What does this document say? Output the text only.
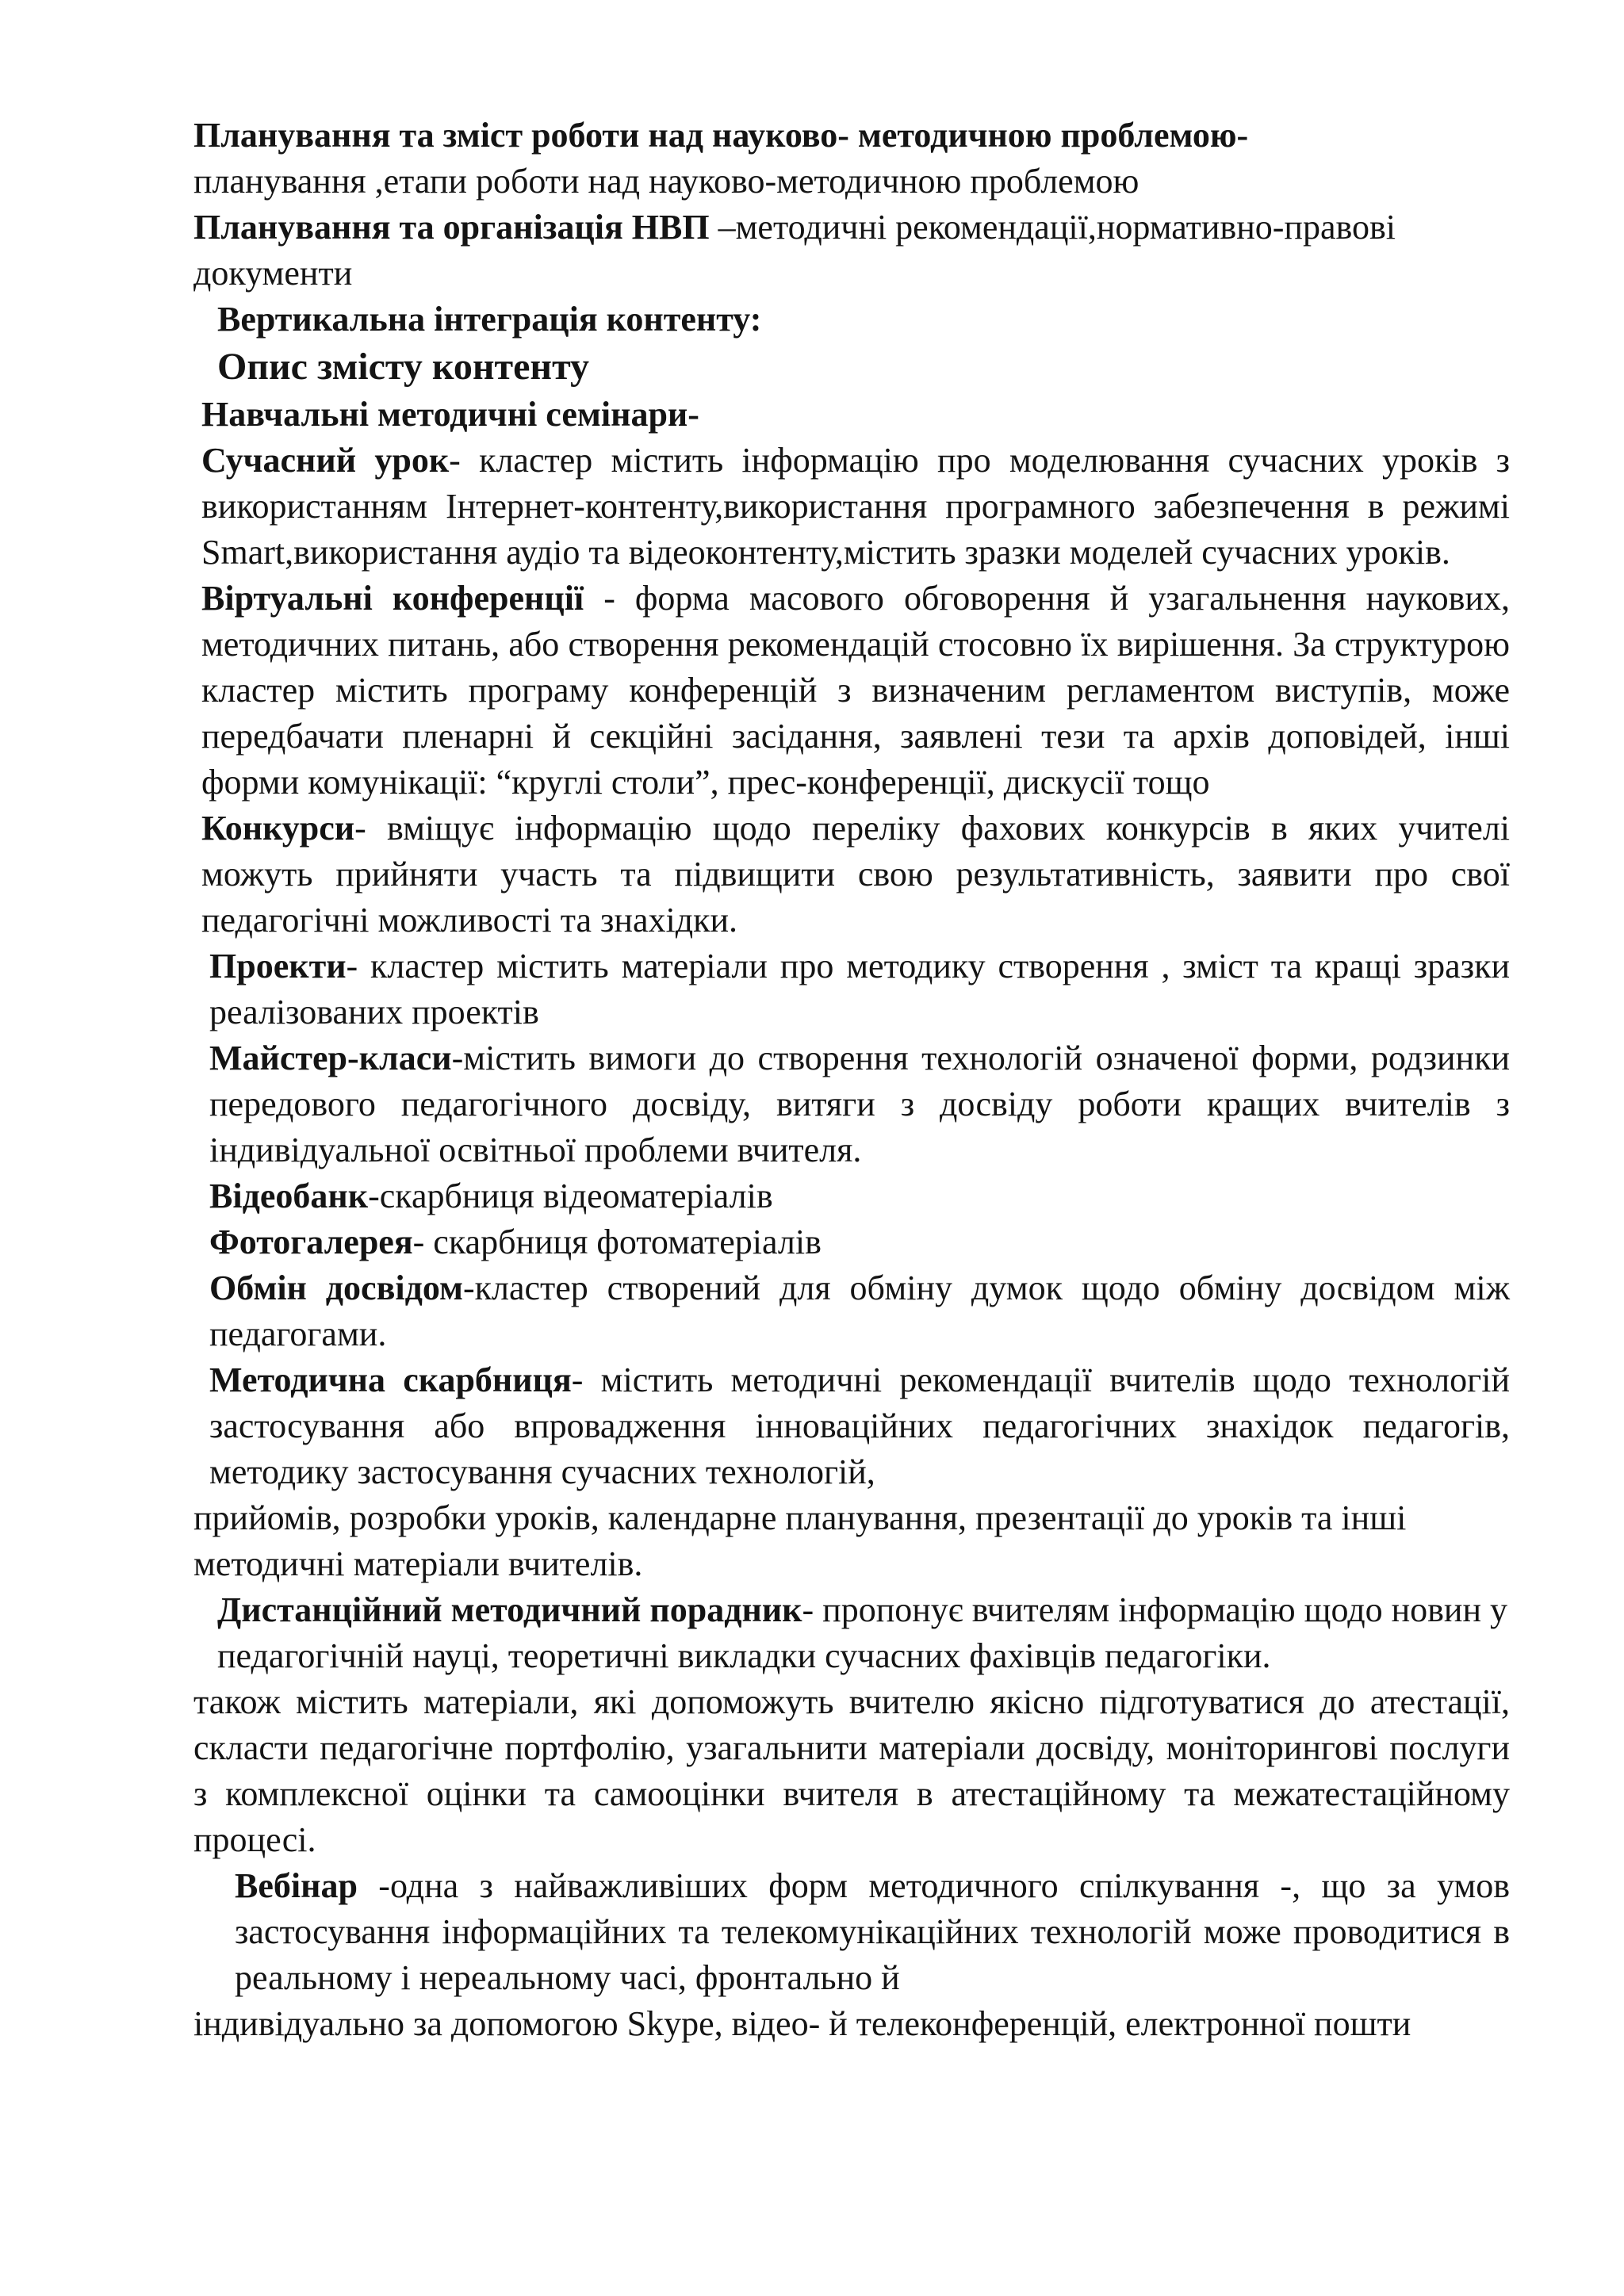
Планування та зміст роботи над науково- методичною проблемою-

планування ,етапи роботи над науково-методичною проблемою

Планування та організація НВП –методичні рекомендації,нормативно-правові документи

Вертикальна інтеграція контенту:

Опис змісту контенту

Навчальні методичні семінари-

Сучасний урок- кластер містить інформацію про моделювання сучасних уроків з використанням Інтернет-контенту,використання програмного забезпечення в режимі Smart,використання аудіо та відеоконтенту,містить зразки моделей сучасних уроків.

Віртуальні конференції - форма масового обговорення й узагальнення наукових, методичних питань, або створення рекомендацій стосовно їх вирішення. За структурою кластер містить програму конференцій з визначеним регламентом виступів, може передбачати пленарні й секційні засідання, заявлені тези та архів доповідей, інші форми комунікації: “круглі столи”, прес-конференції, дискусії тощо

Конкурси- вміщує інформацію щодо переліку фахових конкурсів в яких учителі можуть прийняти участь та підвищити свою результативність, заявити про свої педагогічні можливості та знахідки.

Проекти- кластер містить матеріали про методику створення , зміст та кращі зразки реалізованих проектів

Майстер-класи-містить вимоги до створення технологій означеної форми, родзинки передового педагогічного досвіду, витяги з досвіду роботи кращих вчителів з індивідуальної освітньої проблеми вчителя.

Відеобанк-скарбниця відеоматеріалів

Фотогалерея- скарбниця фотоматеріалів

Обмін досвідом-кластер створений для обміну думок щодо обміну досвідом між педагогами.

Методична скарбниця- містить методичні рекомендації вчителів щодо технологій застосування або впровадження інноваційних педагогічних знахідок педагогів, методику застосування сучасних технологій,

прийомів, розробки уроків, календарне планування, презентації до уроків та інші методичні матеріали вчителів.

Дистанційний методичний порадник- пропонує вчителям інформацію щодо новин у педагогічній науці, теоретичні викладки сучасних фахівців педагогіки.

також містить матеріали, які допоможуть вчителю якісно підготуватися до атестації, скласти педагогічне портфолію, узагальнити матеріали досвіду, моніторингові послуги з комплексної оцінки та самооцінки вчителя в атестаційному та межатестаційному процесі.

Вебінар -одна з найважливіших форм методичного спілкування -, що за умов застосування інформаційних та телекомунікаційних технологій може проводитися в реальному і нереальному часі, фронтально й

індивідуально за допомогою Skype, відео- й телеконференцій, електронної пошти
